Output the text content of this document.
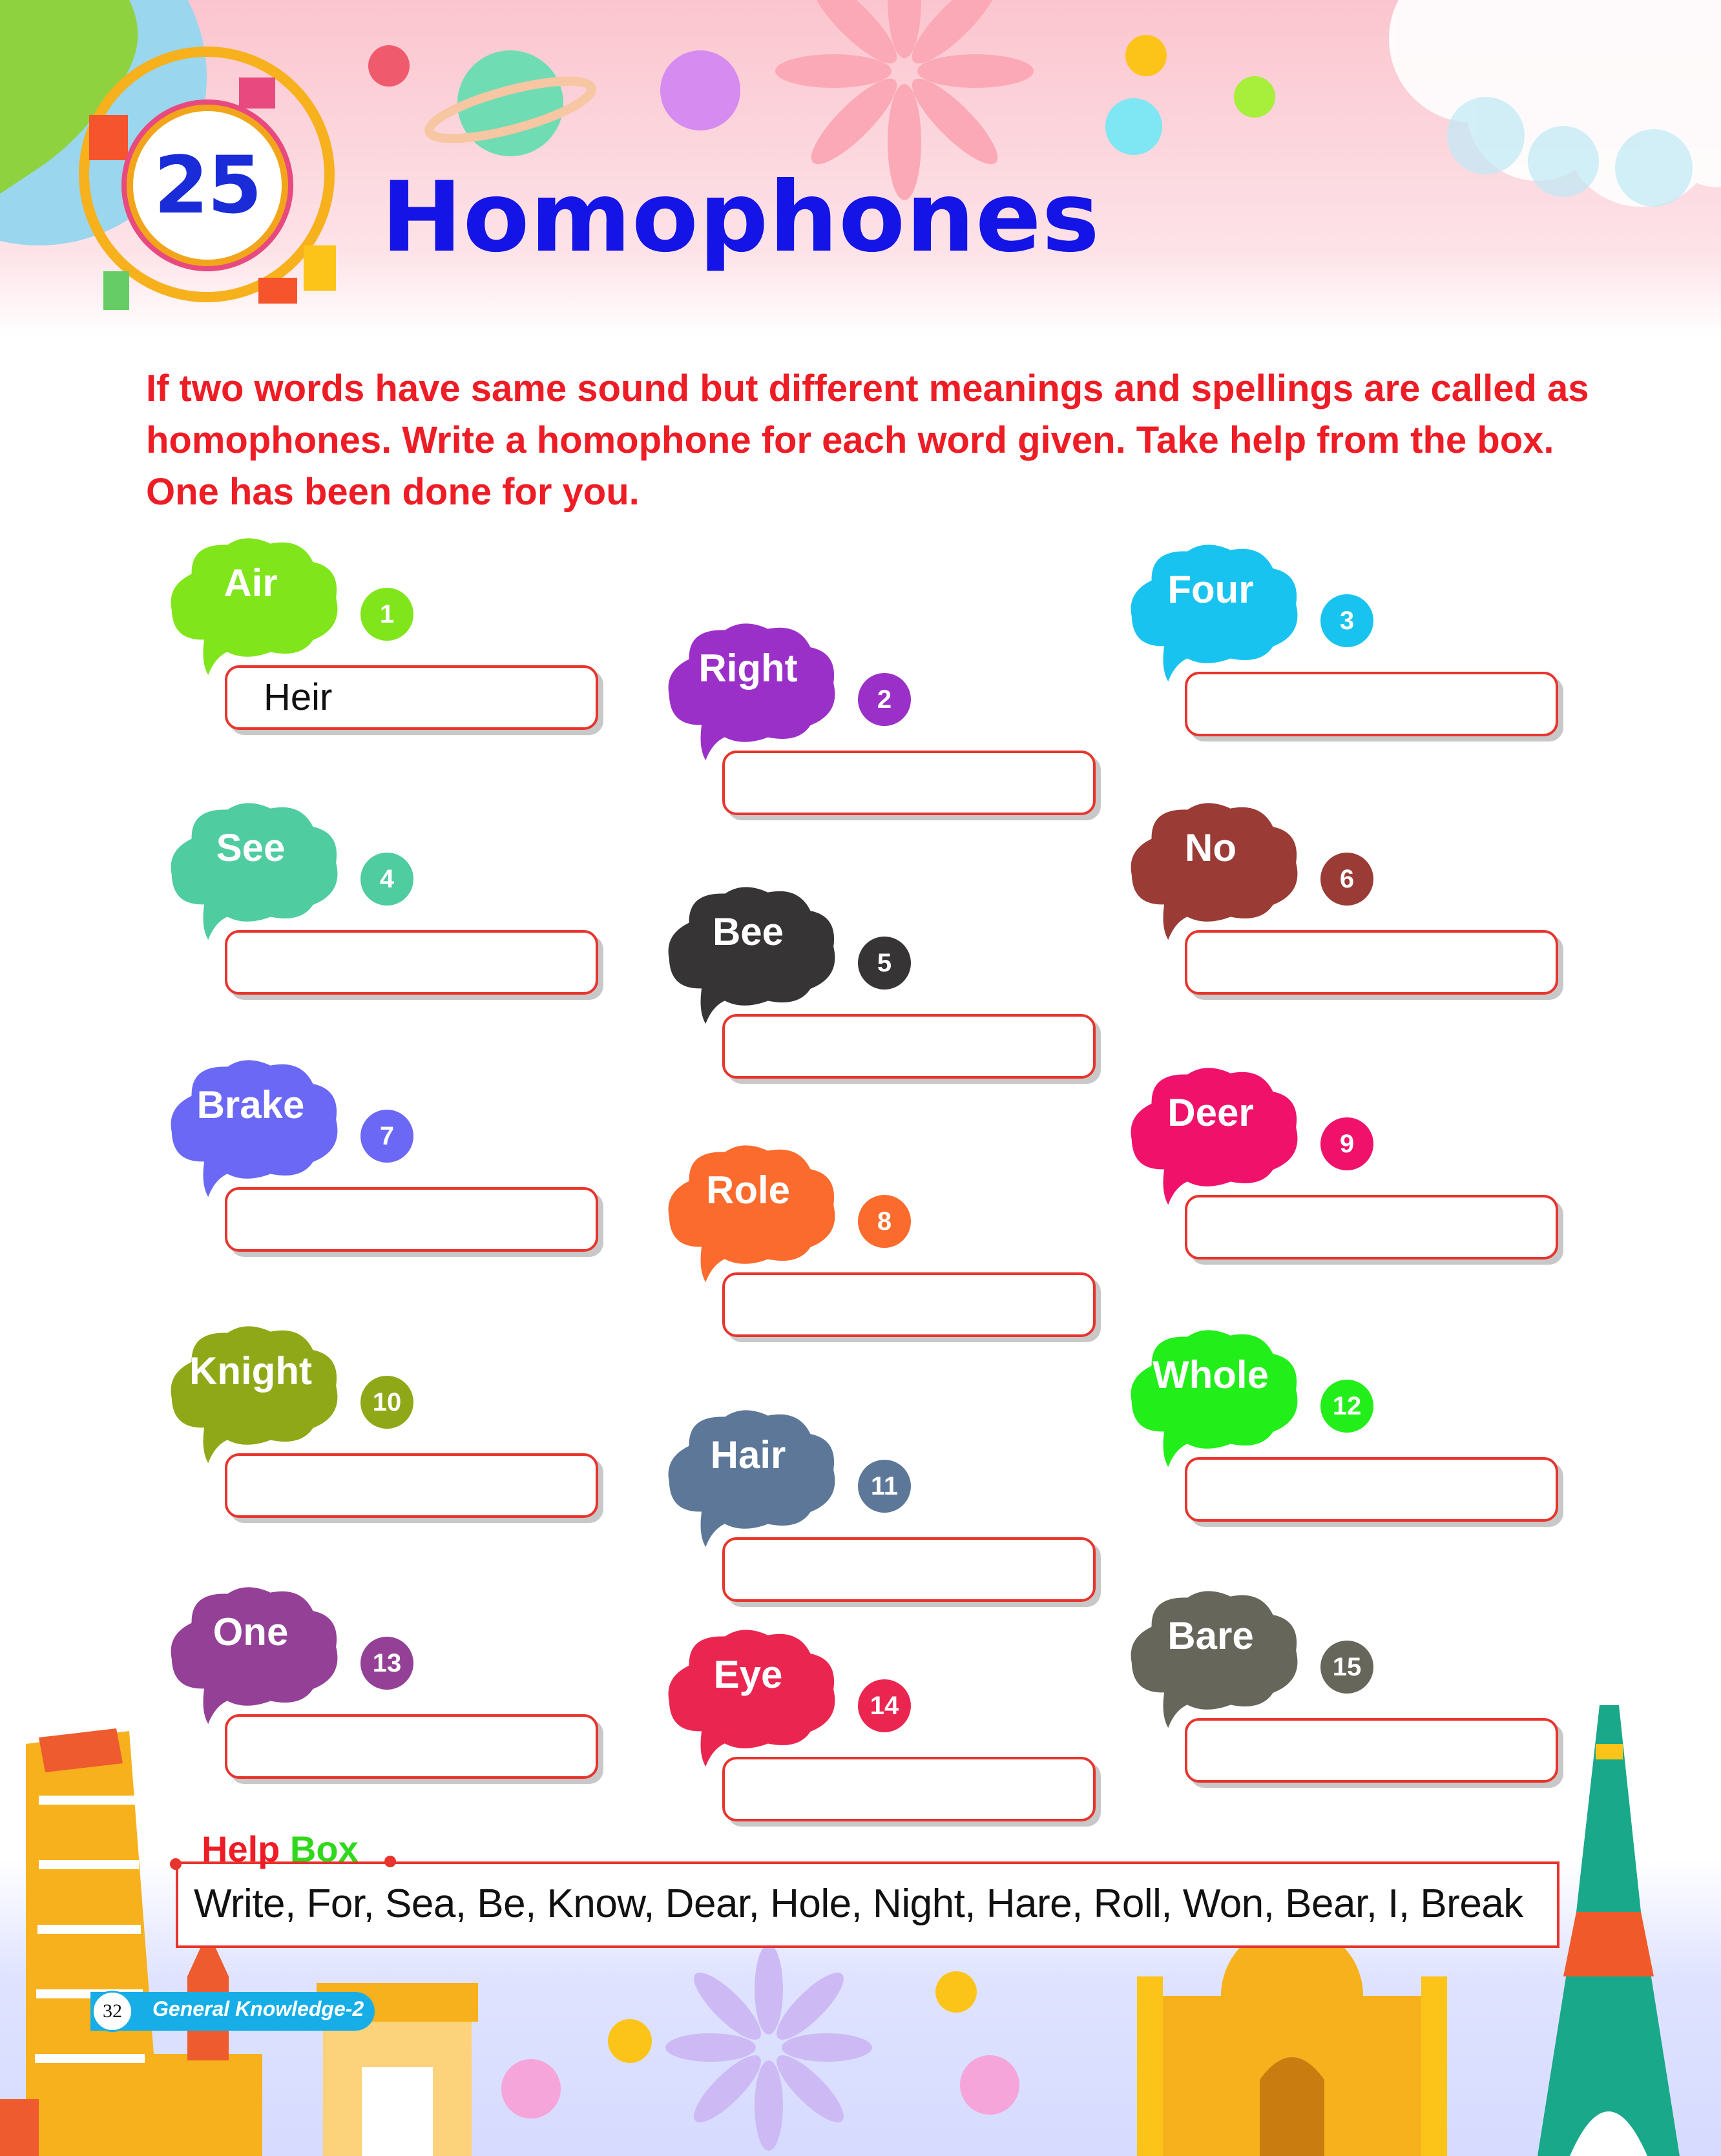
25 Homophones
If two words have same sound but different meanings and spellings are called as homophones. Write a homophone for each word given. Take help from the box. One has been done for you.
Air
1
Heir
Right
2
Four
3
See
4
Bee
5
No
6
Brake
7
Role
8
Deer
9
Knight
10
Hair
11
Whole
12
One
13	Eye
14
Bare
15
Help Box
Write, For, Sea, Be, Know, Dear, Hole, Night, Hare, Roll, Won, Bear, I, Break
32	General Knowledge-2
